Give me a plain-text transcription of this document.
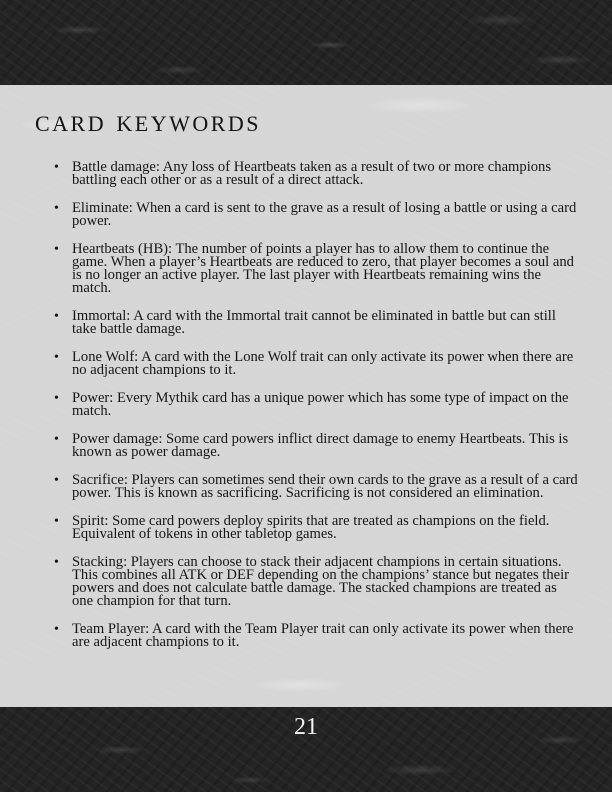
card keywords
• Battle damage: Any loss of Heartbeats taken as a result of two or more champions battling each other or as a result of a direct attack.
• Eliminate: When a card is sent to the grave as a result of losing a battle or using a card power.
• Heartbeats (HB): The number of points a player has to allow them to continue the game. When a player’s Heartbeats are reduced to zero, that player becomes a soul and is no longer an active player. The last player with Heartbeats remaining wins the match.
• Immortal: A card with the Immortal trait cannot be eliminated in battle but can still take battle damage.
• Lone Wolf: A card with the Lone Wolf trait can only activate its power when there are no adjacent champions to it.
• Power: Every Mythik card has a unique power which has some type of impact on the match.
• Power damage: Some card powers inflict direct damage to enemy Heartbeats. This is known as power damage.
• Sacrifice: Players can sometimes send their own cards to the grave as a result of a card power. This is known as sacrificing. Sacrificing is not considered an elimination.
• Spirit: Some card powers deploy spirits that are treated as champions on the field. Equivalent of tokens in other tabletop games.
• Stacking: Players can choose to stack their adjacent champions in certain situations. This combines all ATK or DEF depending on the champions’ stance but negates their powers and does not calculate battle damage. The stacked champions are treated as one champion for that turn.
• Team Player: A card with the Team Player trait can only activate its power when there are adjacent champions to it.
21
